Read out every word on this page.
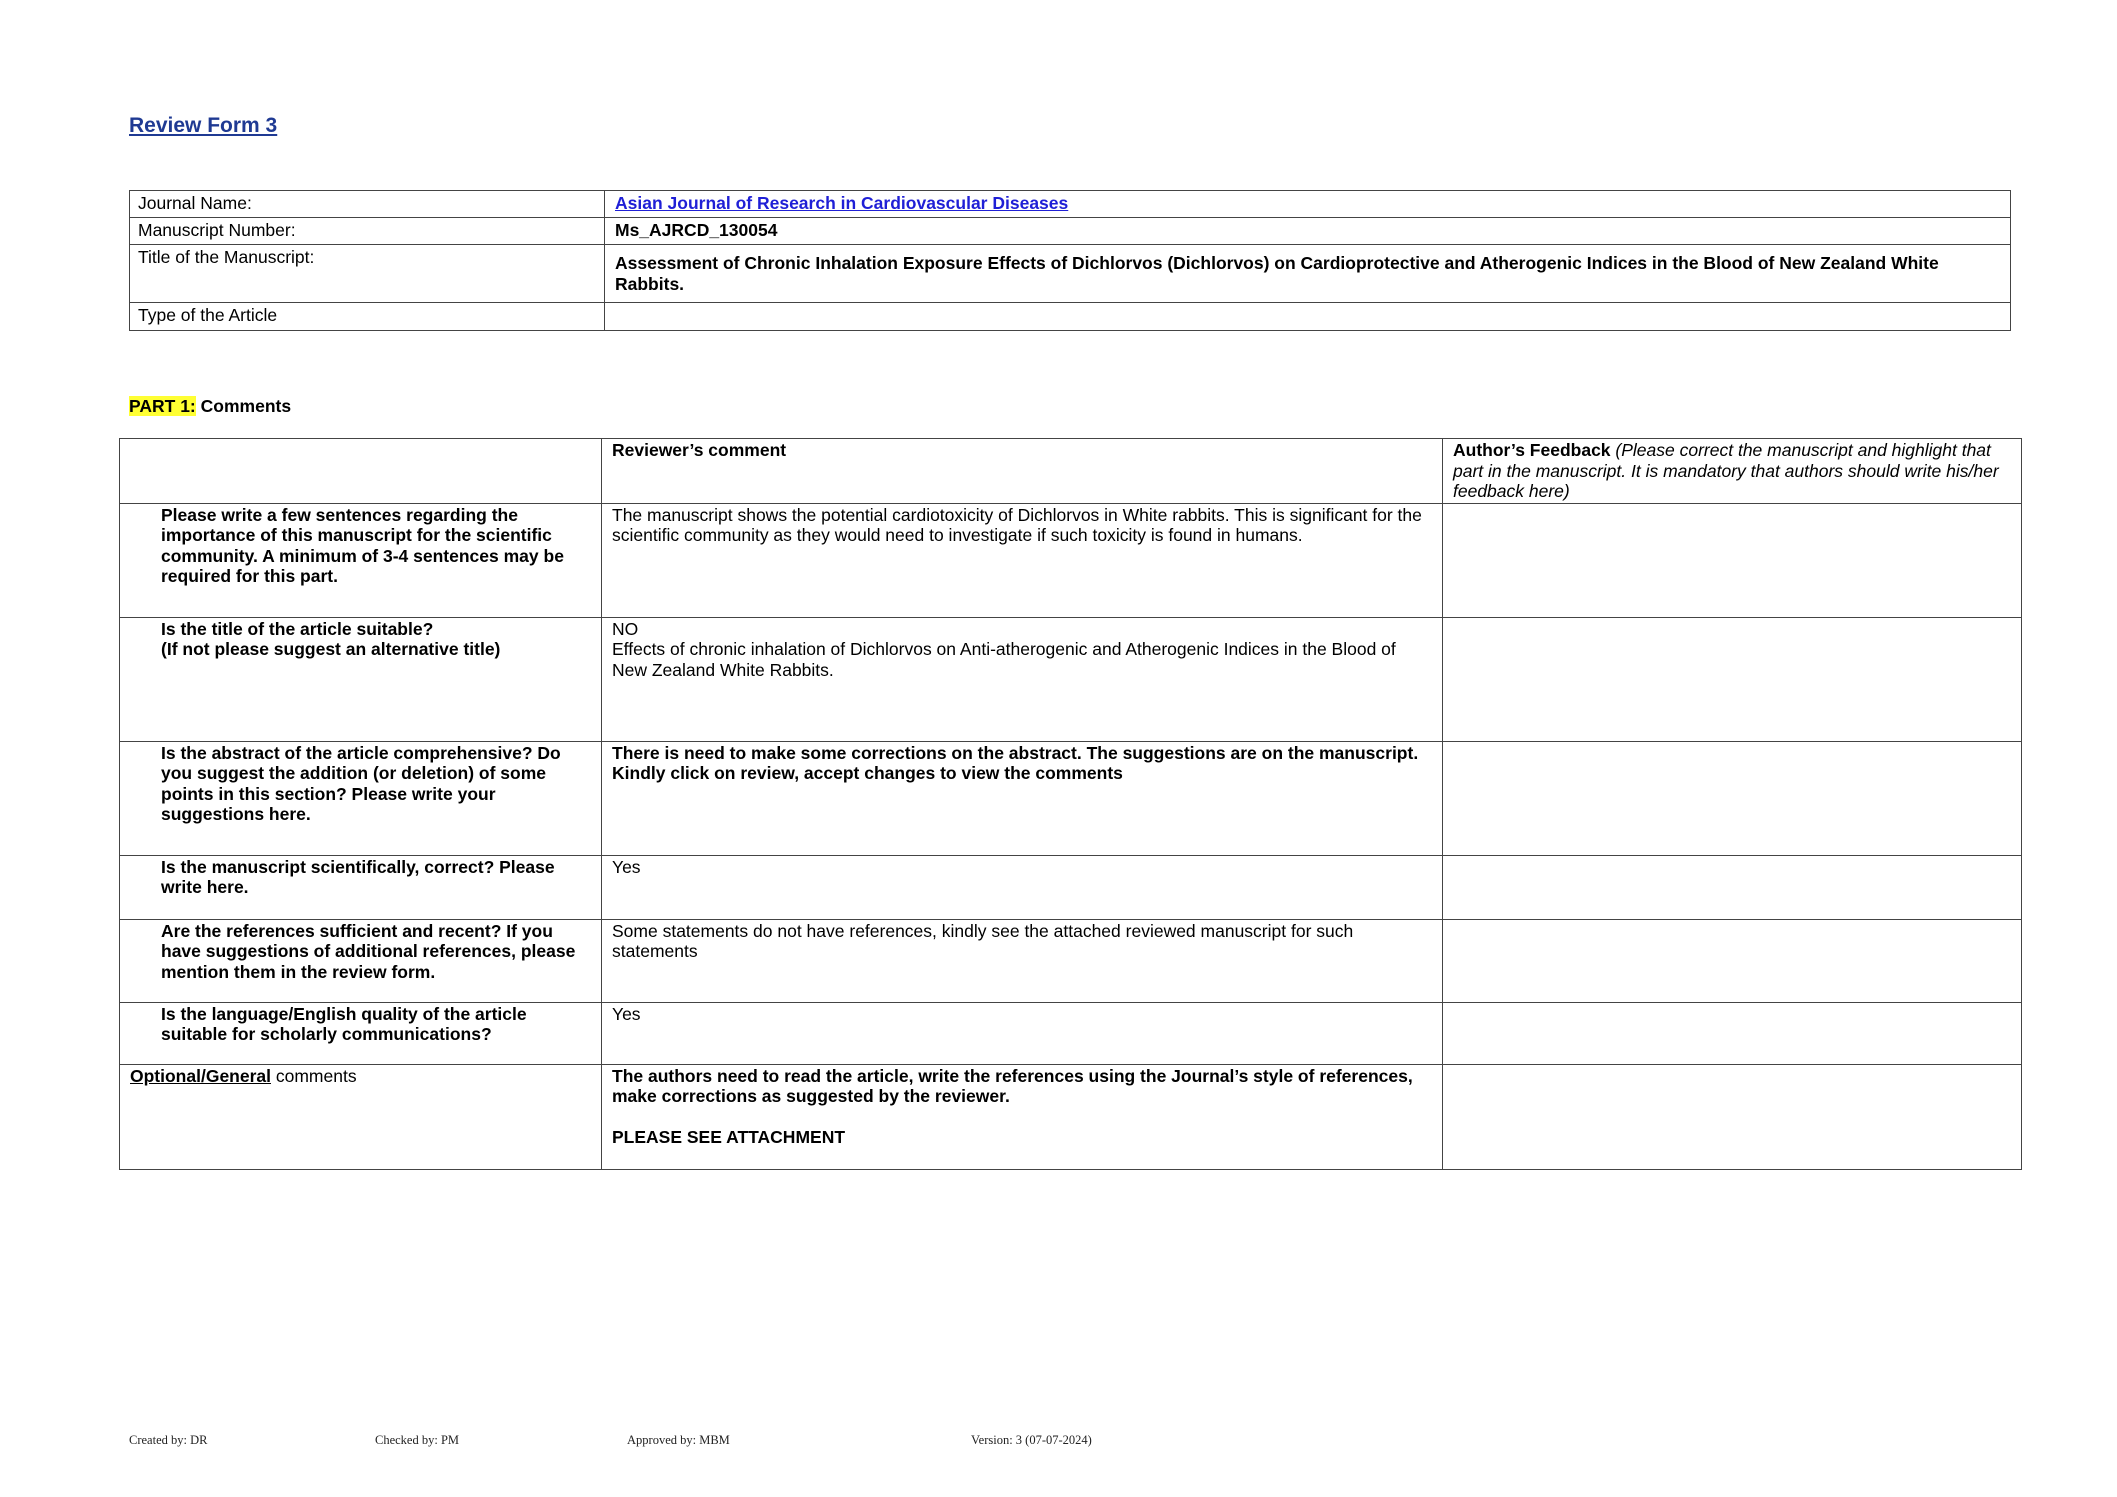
Review Form 3
Journal Name:	Asian Journal of Research in Cardiovascular Diseases
Manuscript Number:	Ms_AJRCD_130054
Title of the Manuscript:	Assessment of Chronic Inhalation Exposure Effects of Dichlorvos (Dichlorvos) on Cardioprotective and Atherogenic Indices in the Blood of New Zealand White Rabbits.
Type of the Article	
PART 1: Comments
	Reviewer’s comment	Author’s Feedback (Please correct the manuscript and highlight that part in the manuscript. It is mandatory that authors should write his/her feedback here)
Please write a few sentences regarding the importance of this manuscript for the scientific community. A minimum of 3-4 sentences may be required for this part.	The manuscript shows the potential cardiotoxicity of Dichlorvos in White rabbits. This is significant for the scientific community as they would need to investigate if such toxicity is found in humans.	
Is the title of the article suitable?
(If not please suggest an alternative title)	NO
Effects of chronic inhalation of Dichlorvos on Anti-atherogenic and Atherogenic Indices in the Blood of New Zealand White Rabbits.	
Is the abstract of the article comprehensive? Do you suggest the addition (or deletion) of some points in this section? Please write your suggestions here.	There is need to make some corrections on the abstract. The suggestions are on the manuscript. Kindly click on review, accept changes to view the comments	
Is the manuscript scientifically, correct? Please write here.	Yes	
Are the references sufficient and recent? If you have suggestions of additional references, please mention them in the review form.	Some statements do not have references, kindly see the attached reviewed manuscript for such statements	
Is the language/English quality of the article suitable for scholarly communications?	Yes	
Optional/General comments	The authors need to read the article, write the references using the Journal’s style of references, make corrections as suggested by the reviewer.
PLEASE SEE ATTACHMENT	

Created by: DR	Checked by: PM	Approved by: MBM	Version: 3 (07-07-2024)
